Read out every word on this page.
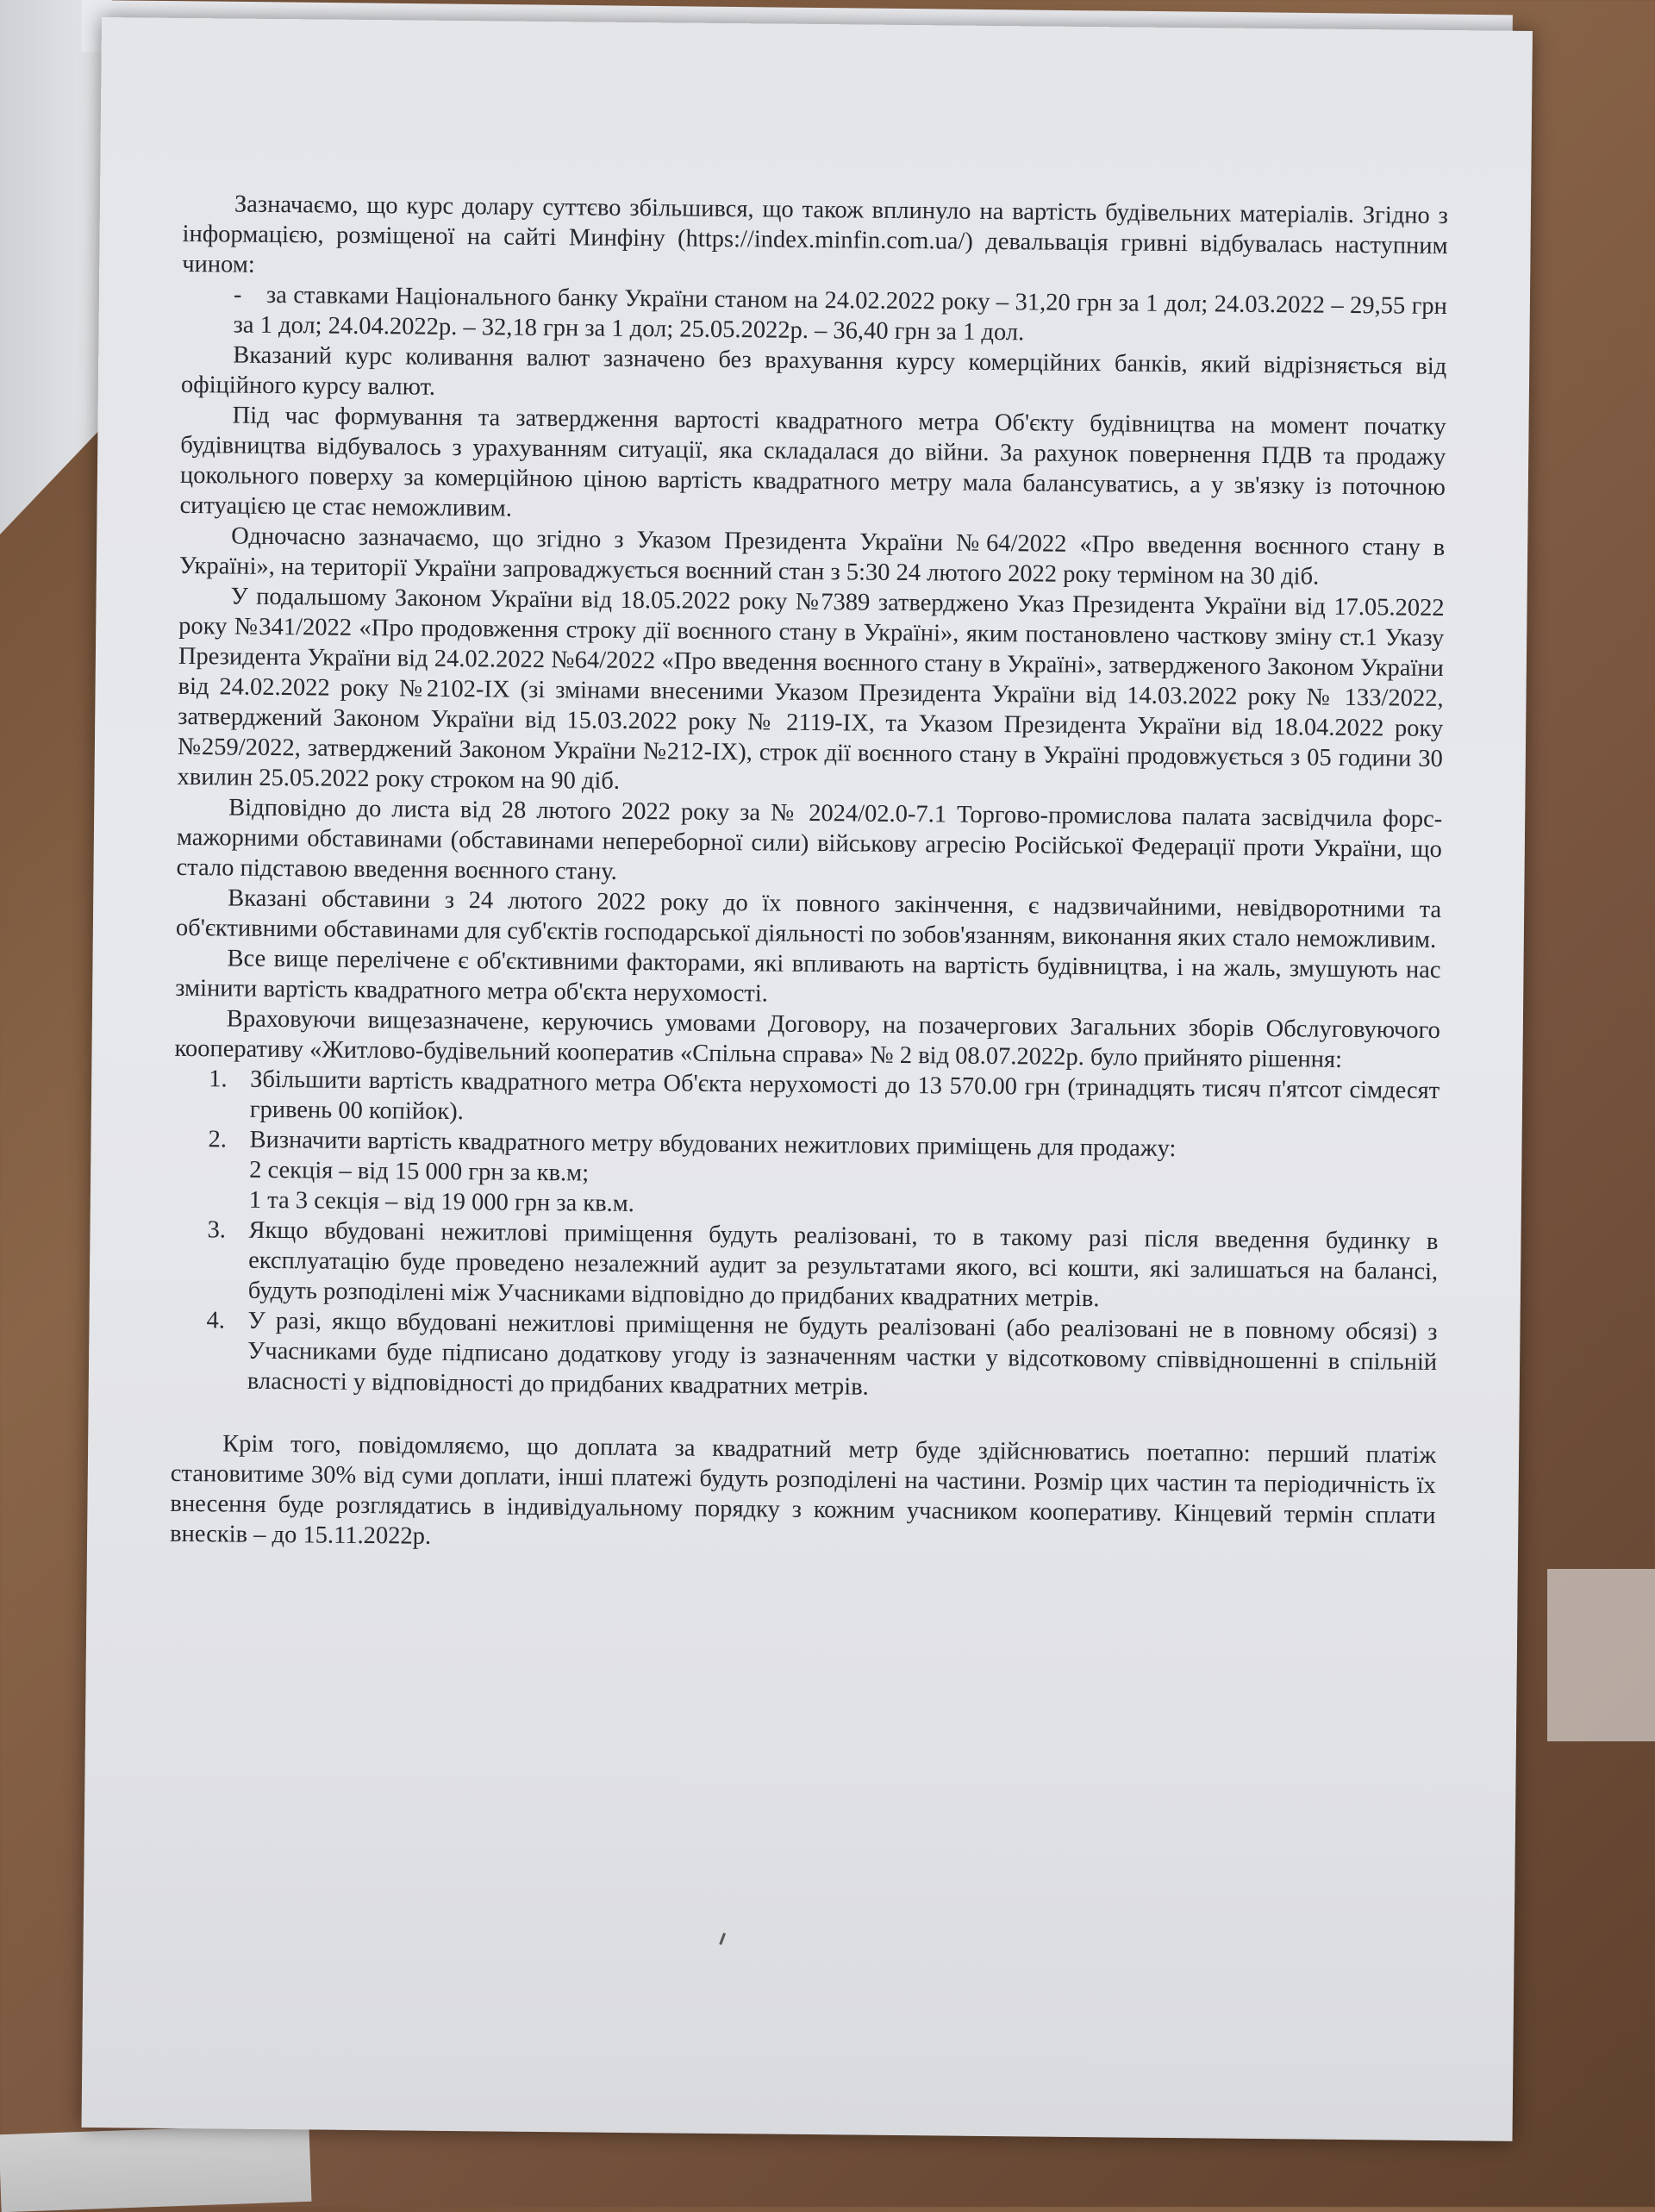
Зазначаємо, що курс долару суттєво збільшився, що також вплинуло на вартість будівельних матеріалів. Згідно з інформацією, розміщеної на сайті Минфіну (https://index.minfin.com.ua/) девальвація гривні відбувалась наступним чином:

- за ставками Національного банку України станом на 24.02.2022 року – 31,20 грн за 1 дол; 24.03.2022 – 29,55 грн за 1 дол; 24.04.2022р. – 32,18 грн за 1 дол; 25.05.2022р. – 36,40 грн за 1 дол.

Вказаний курс коливання валют зазначено без врахування курсу комерційних банків, який відрізняється від офіційного курсу валют.

Під час формування та затвердження вартості квадратного метра Об'єкту будівництва на момент початку будівництва відбувалось з урахуванням ситуації, яка складалася до війни. За рахунок повернення ПДВ та продажу цокольного поверху за комерційною ціною вартість квадратного метру мала балансуватись, а у зв'язку із поточною ситуацією це стає неможливим.

Одночасно зазначаємо, що згідно з Указом Президента України №64/2022 «Про введення воєнного стану в Україні», на території України запроваджується воєнний стан з 5:30 24 лютого 2022 року терміном на 30 діб.

У подальшому Законом України від 18.05.2022 року №7389 затверджено Указ Президента України від 17.05.2022 року №341/2022 «Про продовження строку дії воєнного стану в Україні», яким постановлено часткову зміну ст.1 Указу Президента України від 24.02.2022 №64/2022 «Про введення воєнного стану в Україні», затвердженого Законом України від 24.02.2022 року №2102-IX (зі змінами внесеними Указом Президента України від 14.03.2022 року № 133/2022, затверджений Законом України від 15.03.2022 року № 2119-IX, та Указом Президента України від 18.04.2022 року №259/2022, затверджений Законом України №212-IX), строк дії воєнного стану в Україні продовжується з 05 години 30 хвилин 25.05.2022 року строком на 90 діб.

Відповідно до листа від 28 лютого 2022 року за № 2024/02.0-7.1 Торгово-промислова палата засвідчила форс-мажорними обставинами (обставинами непереборної сили) військову агресію Російської Федерації проти України, що стало підставою введення воєнного стану.

Вказані обставини з 24 лютого 2022 року до їх повного закінчення, є надзвичайними, невідворотними та об'єктивними обставинами для суб'єктів господарської діяльності по зобов'язанням, виконання яких стало неможливим.

Все вище перелічене є об'єктивними факторами, які впливають на вартість будівництва, і на жаль, змушують нас змінити вартість квадратного метра об'єкта нерухомості.

Враховуючи вищезазначене, керуючись умовами Договору, на позачергових Загальних зборів Обслуговуючого кооперативу «Житлово-будівельний кооператив «Спільна справа» № 2 від 08.07.2022р. було прийнято рішення:

1. Збільшити вартість квадратного метра Об'єкта нерухомості до 13 570.00 грн (тринадцять тисяч п'ятсот сімдесят гривень 00 копійок).
2. Визначити вартість квадратного метру вбудованих нежитлових приміщень для продажу:
2 секція – від 15 000 грн за кв.м;
1 та 3 секція – від 19 000 грн за кв.м.
3. Якщо вбудовані нежитлові приміщення будуть реалізовані, то в такому разі після введення будинку в експлуатацію буде проведено незалежний аудит за результатами якого, всі кошти, які залишаться на балансі, будуть розподілені між Учасниками відповідно до придбаних квадратних метрів.
4. У разі, якщо вбудовані нежитлові приміщення не будуть реалізовані (або реалізовані не в повному обсязі) з Учасниками буде підписано додаткову угоду із зазначенням частки у відсотковому співвідношенні в спільній власності у відповідності до придбаних квадратних метрів.

Крім того, повідомляємо, що доплата за квадратний метр буде здійснюватись поетапно: перший платіж становитиме 30% від суми доплати, інші платежі будуть розподілені на частини. Розмір цих частин та періодичність їх внесення буде розглядатись в індивідуальному порядку з кожним учасником кооперативу. Кінцевий термін сплати внесків – до 15.11.2022р.
